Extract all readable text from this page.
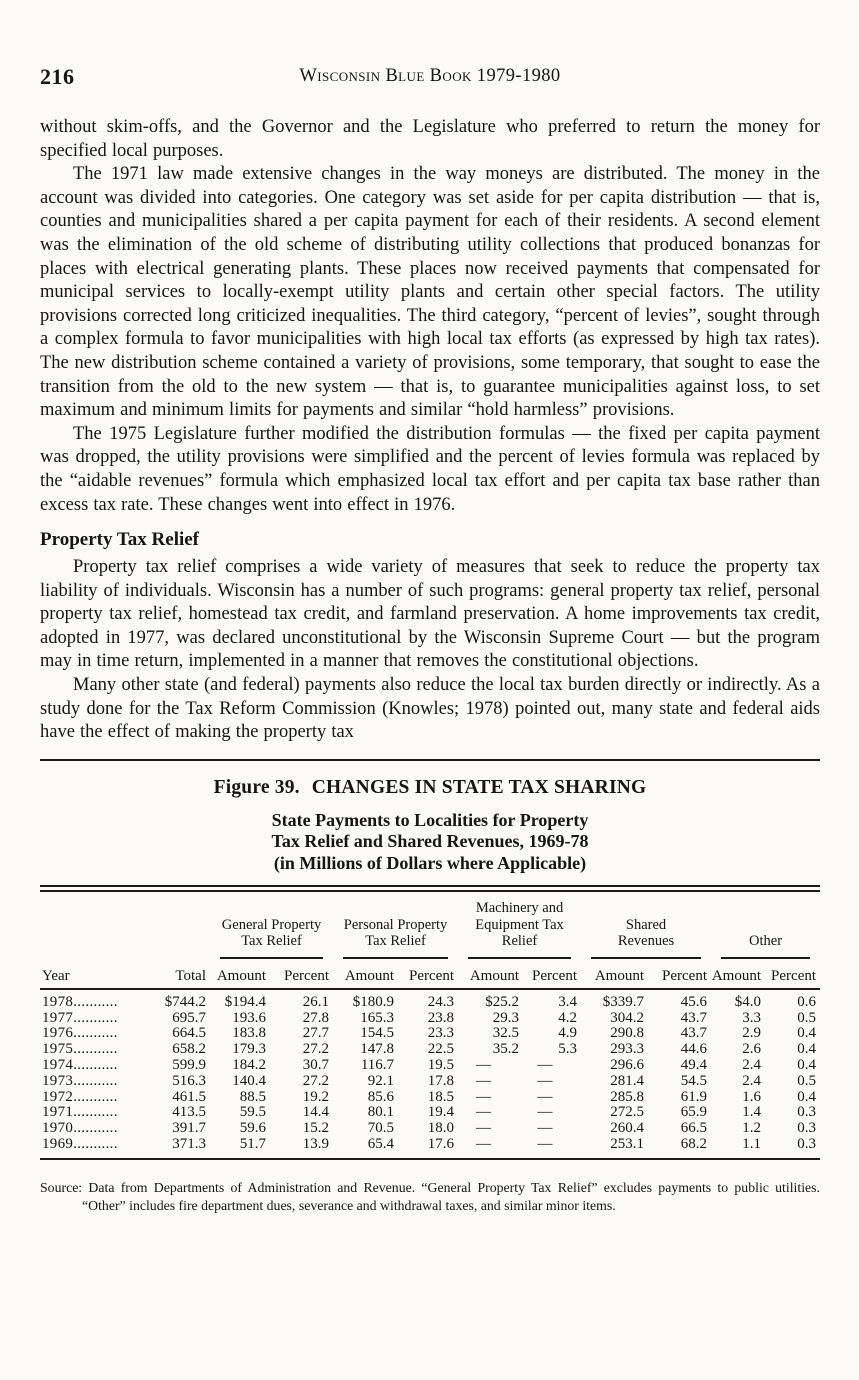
216	Wisconsin Blue Book 1979-1980

without skim-offs, and the Governor and the Legislature who preferred to return the money for specified local purposes.

The 1971 law made extensive changes in the way moneys are distributed. The money in the account was divided into categories. One category was set aside for per capita distribution — that is, counties and municipalities shared a per capita payment for each of their residents. A second element was the elimination of the old scheme of distributing utility collections that produced bonanzas for places with electrical generating plants. These places now received payments that compensated for municipal services to locally-exempt utility plants and certain other special factors. The utility provisions corrected long criticized inequalities. The third category, “percent of levies”, sought through a complex formula to favor municipalities with high local tax efforts (as expressed by high tax rates). The new distribution scheme contained a variety of provisions, some temporary, that sought to ease the transition from the old to the new system — that is, to guarantee municipalities against loss, to set maximum and minimum limits for payments and similar “hold harmless” provisions.

The 1975 Legislature further modified the distribution formulas — the fixed per capita payment was dropped, the utility provisions were simplified and the percent of levies formula was replaced by the “aidable revenues” formula which emphasized local tax effort and per capita tax base rather than excess tax rate. These changes went into effect in 1976.

Property Tax Relief

Property tax relief comprises a wide variety of measures that seek to reduce the property tax liability of individuals. Wisconsin has a number of such programs: general property tax relief, personal property tax relief, homestead tax credit, and farmland preservation. A home improvements tax credit, adopted in 1977, was declared unconstitutional by the Wisconsin Supreme Court — but the program may in time return, implemented in a manner that removes the constitutional objections.

Many other state (and federal) payments also reduce the local tax burden directly or indirectly. As a study done for the Tax Reform Commission (Knowles; 1978) pointed out, many state and federal aids have the effect of making the property tax

Figure 39. CHANGES IN STATE TAX SHARING
State Payments to Localities for Property
Tax Relief and Shared Revenues, 1969-78
(in Millions of Dollars where Applicable)

General Property
Tax Relief

Personal Property
Tax Relief

Machinery and
Equipment Tax
Relief

Shared
Revenues	Other

Year	Total	Amount	Percent	Amount	Percent	Amount	Percent	Amount	Percent	Amount	Percent
1978...........	$744.2	$194.4	26.1	$180.9	24.3	$25.2	3.4	$339.7	45.6	$4.0	0.6
1977...........	695.7	193.6	27.8	165.3	23.8	29.3	4.2	304.2	43.7	3.3	0.5
1976...........	664.5	183.8	27.7	154.5	23.3	32.5	4.9	290.8	43.7	2.9	0.4
1975...........	658.2	179.3	27.2	147.8	22.5	35.2	5.3	293.3	44.6	2.6	0.4
1974...........	599.9	184.2	30.7	116.7	19.5	—	—	296.6	49.4	2.4	0.4
1973...........	516.3	140.4	27.2	92.1	17.8	—	—	281.4	54.5	2.4	0.5
1972...........	461.5	88.5	19.2	85.6	18.5	—	—	285.8	61.9	1.6	0.4
1971...........	413.5	59.5	14.4	80.1	19.4	—	—	272.5	65.9	1.4	0.3
1970...........	391.7	59.6	15.2	70.5	18.0	—	—	260.4	66.5	1.2	0.3
1969...........	371.3	51.7	13.9	65.4	17.6	—	—	253.1	68.2	1.1	0.3

Source: Data from Departments of Administration and Revenue. “General Property Tax Relief” excludes payments to public utilities. “Other” includes fire department dues, severance and withdrawal taxes, and similar minor items.
